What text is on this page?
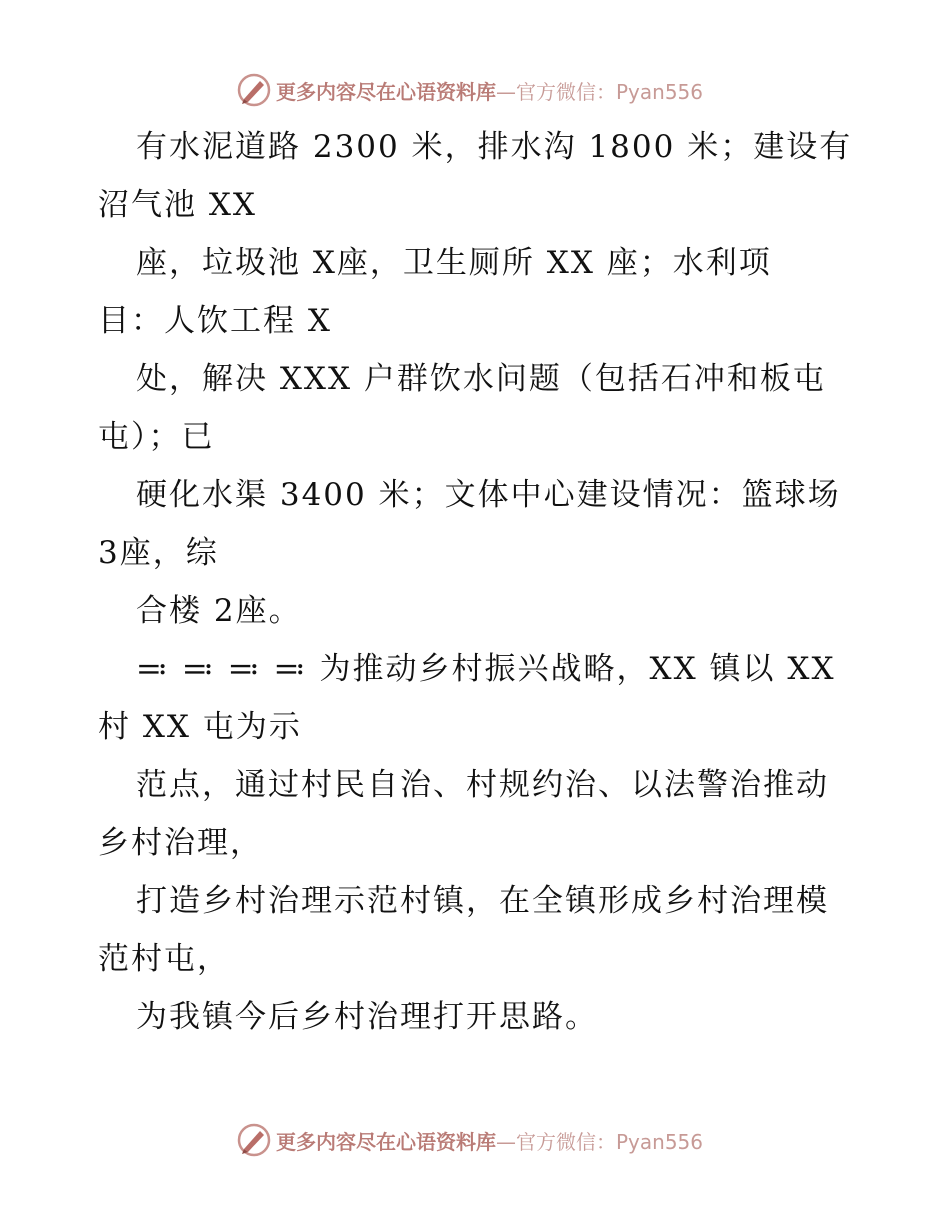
更多内容尽在心语资料库—官方微信：Pyan556
有水泥道路 2300 米，排水沟 1800 米；建设有
沼气池 XX
座，垃圾池 X座，卫生厕所 XX 座；水利项
目：人饮工程 X
处，解决 XXX 户群饮水问题（包括石冲和板屯
屯）；已
硬化水渠 3400 米；文体中心建设情况：篮球场
3座，综
合楼 2座。
≕ ≕ ≕ ≕ 为推动乡村振兴战略，XX 镇以 XX
村 XX 屯为示
范点，通过村民自治、村规约治、以法警治推动
乡村治理，
打造乡村治理示范村镇，在全镇形成乡村治理模
范村屯，
为我镇今后乡村治理打开思路。
更多内容尽在心语资料库—官方微信：Pyan556
